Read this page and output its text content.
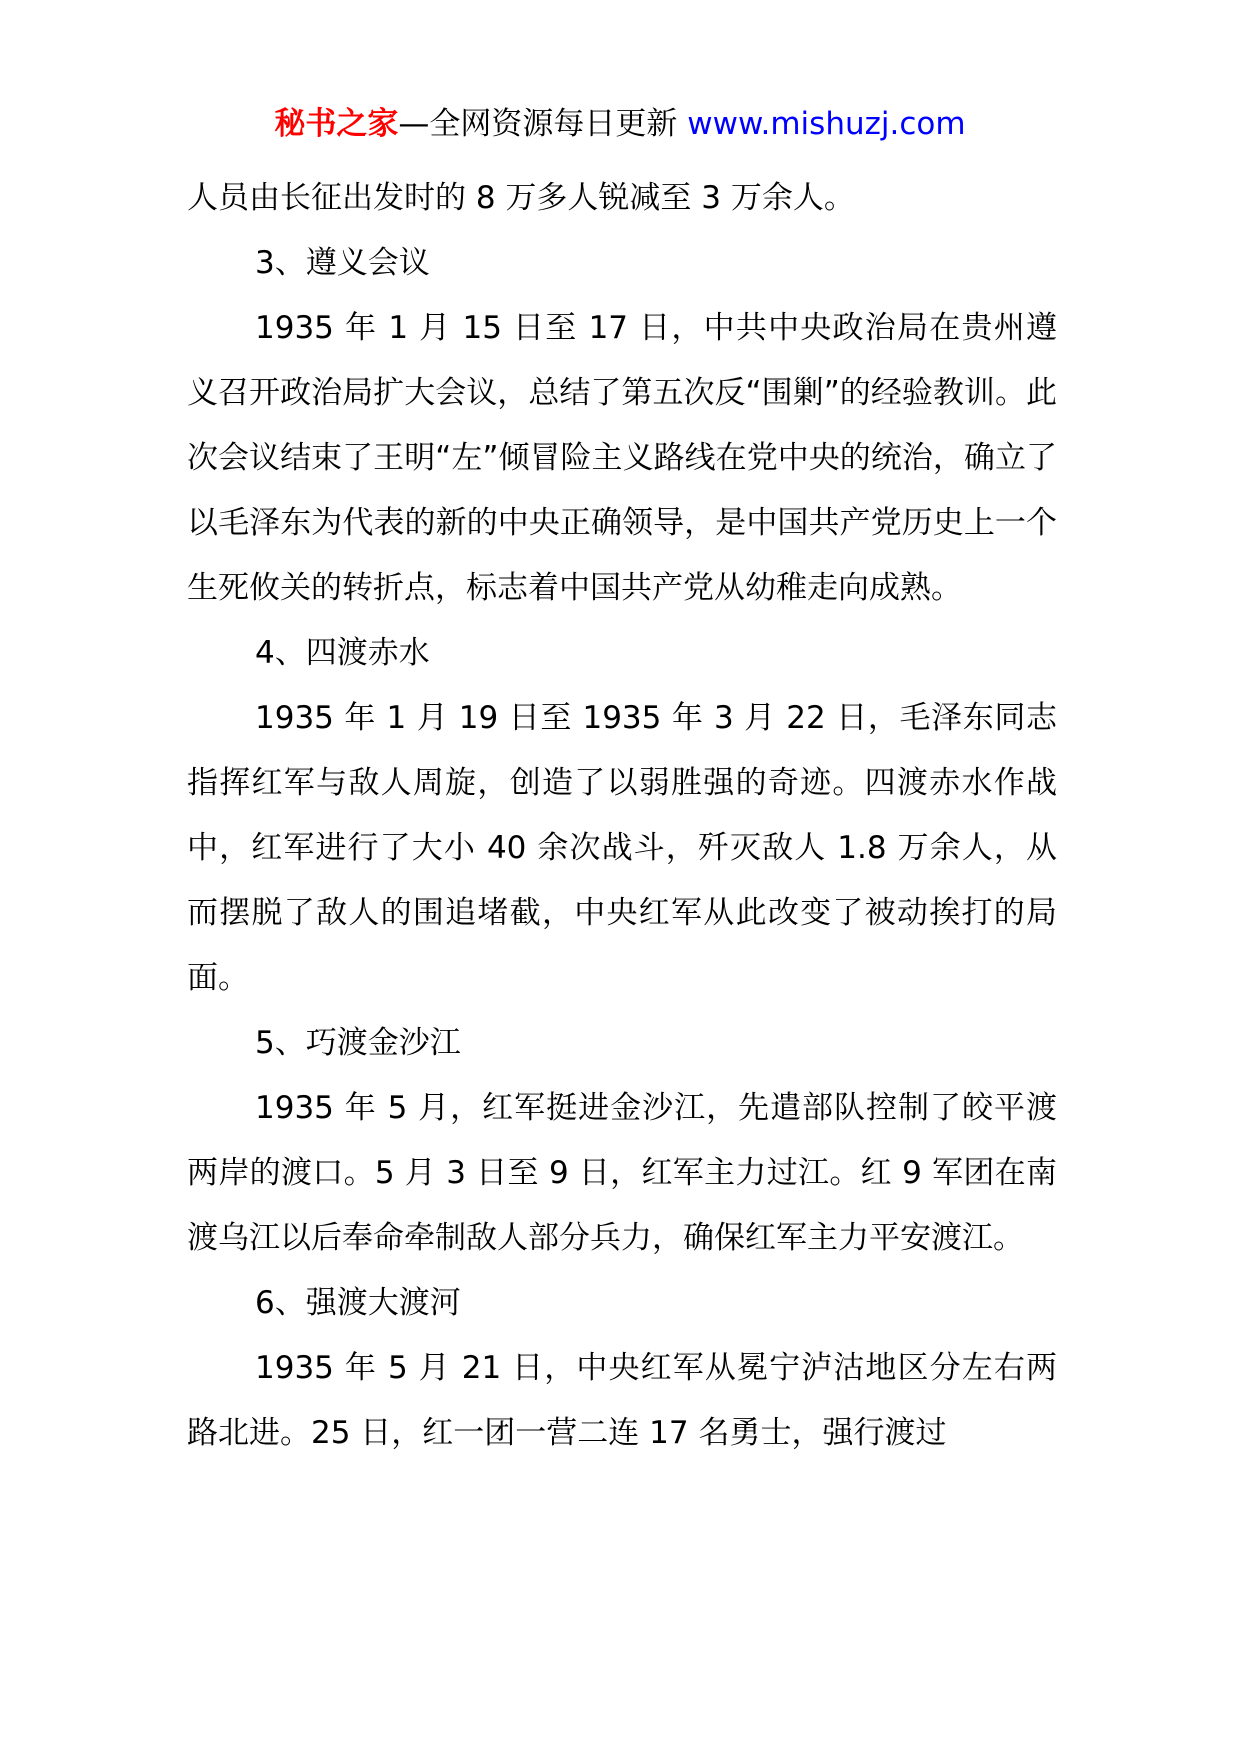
秘书之家—全网资源每日更新 www.mishuzj.com

人员由长征出发时的 8 万多人锐减至 3 万余人。

3、遵义会议

1935 年 1 月 15 日至 17 日，中共中央政治局在贵州遵义召开政治局扩大会议，总结了第五次反“围剿”的经验教训。此次会议结束了王明“左”倾冒险主义路线在党中央的统治，确立了以毛泽东为代表的新的中央正确领导，是中国共产党历史上一个生死攸关的转折点，标志着中国共产党从幼稚走向成熟。

4、四渡赤水

1935 年 1 月 19 日至 1935 年 3 月 22 日，毛泽东同志指挥红军与敌人周旋，创造了以弱胜强的奇迹。四渡赤水作战中，红军进行了大小 40 余次战斗，歼灭敌人 1.8 万余人，从而摆脱了敌人的围追堵截，中央红军从此改变了被动挨打的局面。

5、巧渡金沙江

1935 年 5 月，红军挺进金沙江，先遣部队控制了皎平渡两岸的渡口。5 月 3 日至 9 日，红军主力过江。红 9 军团在南渡乌江以后奉命牵制敌人部分兵力，确保红军主力平安渡江。

6、强渡大渡河

1935 年 5 月 21 日，中央红军从冕宁泸沽地区分左右两路北进。25 日，红一团一营二连 17 名勇士，强行渡过
